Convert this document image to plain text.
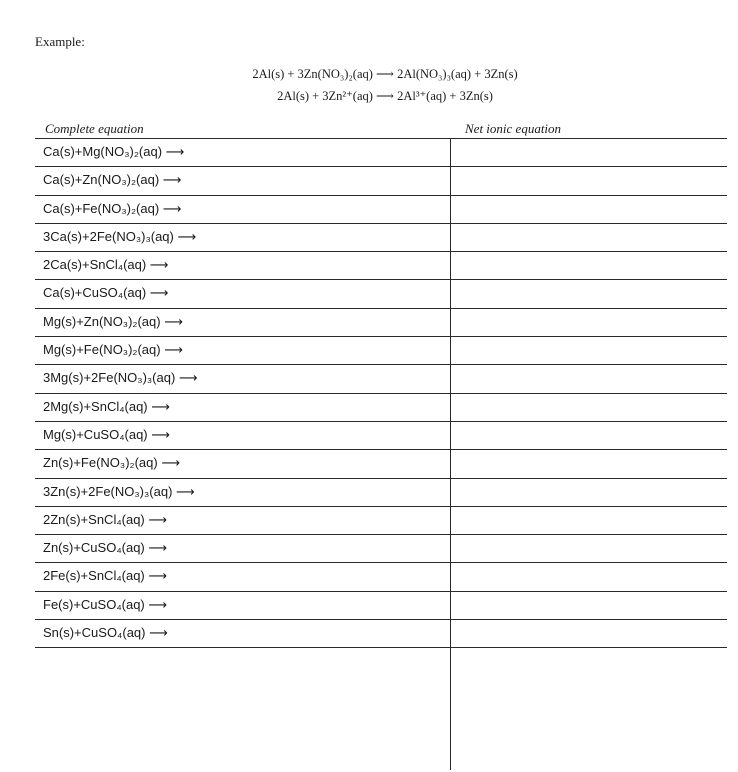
Example:
2Al(s) + 3Zn(NO₃)₂(aq) ⟶ 2Al(NO₃)₃(aq) + 3Zn(s)
2Al(s) + 3Zn²⁺(aq) ⟶ 2Al³⁺(aq) + 3Zn(s)
Complete equation	Net ionic equation
Ca(s)+Mg(NO₃)₂(aq) ⟶
Ca(s)+Zn(NO₃)₂(aq) ⟶
Ca(s)+Fe(NO₃)₂(aq) ⟶
3Ca(s)+2Fe(NO₃)₃(aq) ⟶
2Ca(s)+SnCl₄(aq) ⟶
Ca(s)+CuSO₄(aq) ⟶
Mg(s)+Zn(NO₃)₂(aq) ⟶
Mg(s)+Fe(NO₃)₂(aq) ⟶
3Mg(s)+2Fe(NO₃)₃(aq) ⟶
2Mg(s)+SnCl₄(aq) ⟶
Mg(s)+CuSO₄(aq) ⟶
Zn(s)+Fe(NO₃)₂(aq) ⟶
3Zn(s)+2Fe(NO₃)₃(aq) ⟶
2Zn(s)+SnCl₄(aq) ⟶
Zn(s)+CuSO₄(aq) ⟶
2Fe(s)+SnCl₄(aq) ⟶
Fe(s)+CuSO₄(aq) ⟶
Sn(s)+CuSO₄(aq) ⟶
